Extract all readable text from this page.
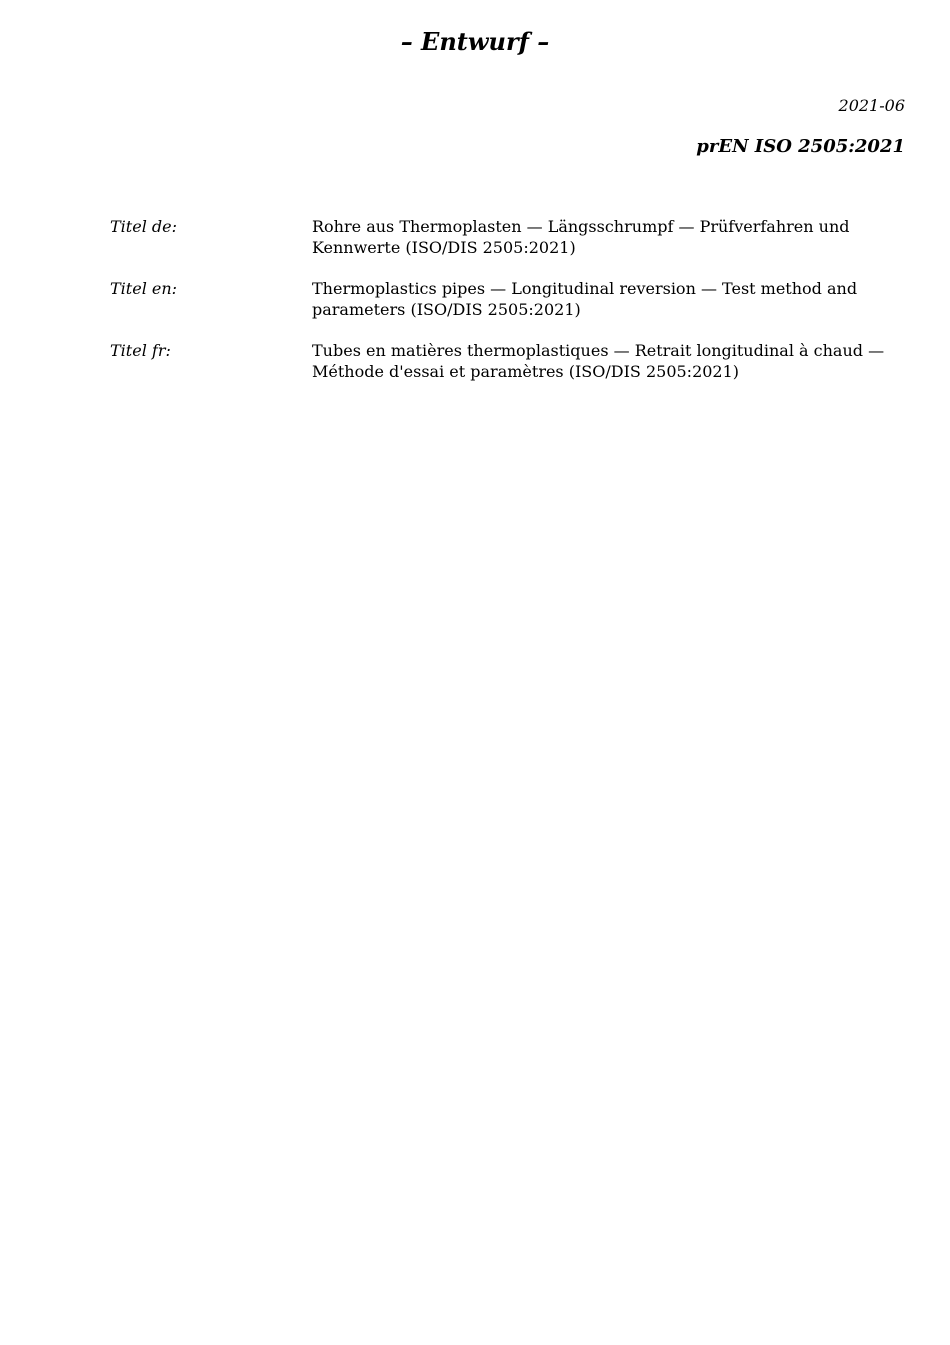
– Entwurf –
2021-06
prEN ISO 2505:2021
Titel de:	Rohre aus Thermoplasten — Längsschrumpf — Prüfverfahren und
Kennwerte (ISO/DIS 2505:2021)
Titel en:	Thermoplastics pipes — Longitudinal reversion — Test method and
parameters (ISO/DIS 2505:2021)
Titel fr:	Tubes en matières thermoplastiques — Retrait longitudinal à chaud —
Méthode d'essai et paramètres (ISO/DIS 2505:2021)
